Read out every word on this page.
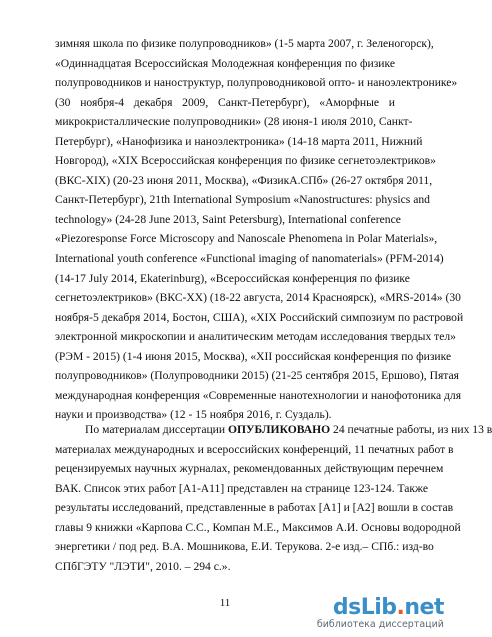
зимняя школа по физике полупроводников» (1-5 марта 2007, г. Зеленогорск),
«Одиннадцатая Всероссийская Молодежная конференция по физике
полупроводников и наноструктур, полупроводниковой опто- и наноэлектронике»
(30 ноября-4 декабря 2009, Санкт-Петербург), «Аморфные и
микрокристаллические полупроводники» (28 июня-1 июля 2010, Санкт-
Петербург), «Нанофизика и наноэлектроника» (14-18 марта 2011, Нижний
Новгород), «XIX Всероссийская конференция по физике сегнетоэлектриков»
(ВКС-XIX) (20-23 июня 2011, Москва), «ФизикА.СПб» (26-27 октября 2011,
Санкт-Петербург), 21th International Symposium «Nanostructures: physics and
technology» (24-28 June 2013, Saint Petersburg), International conference
«Piezoresponse Force Microscopy and Nanoscale Phenomena in Polar Materials»,
International youth conference «Functional imaging of nanomaterials» (PFM-2014)
(14-17 July 2014, Ekaterinburg), «Всероссийская конференция по физике
сегнетоэлектриков» (ВКС-XX) (18-22 августа, 2014 Красноярск), «MRS-2014» (30
ноября-5 декабря 2014, Бостон, США), «XIX Российский симпозиум по растровой
электронной микроскопии и аналитическим методам исследования твердых тел»
(РЭМ - 2015) (1-4 июня 2015, Москва), «XII российская конференция по физике
полупроводников» (Полупроводники 2015) (21-25 сентября 2015, Ершово), Пятая
международная конференция «Современные нанотехнологии и нанофотоника для
науки и производства» (12 - 15 ноября 2016, г. Суздаль).
По материалам диссертации ОПУБЛИКОВАНО 24 печатные работы, из них 13 в
материалах международных и всероссийских конференций, 11 печатных работ в
рецензируемых научных журналах, рекомендованных действующим перечнем
ВАК. Список этих работ [A1-A11] представлен на странице 123-124. Также
результаты исследований, представленные в работах [A1] и [A2] вошли в состав
главы 9 книжки «Карпова С.С., Компан М.Е., Максимов А.И. Основы водородной
энергетики / под ред. В.А. Мошникова, Е.И. Терукова. 2-е изд.– СПб.: изд-во
СПбГЭТУ "ЛЭТИ", 2010. – 294 с.».
11	dsLib.net
библиотека диссертаций
